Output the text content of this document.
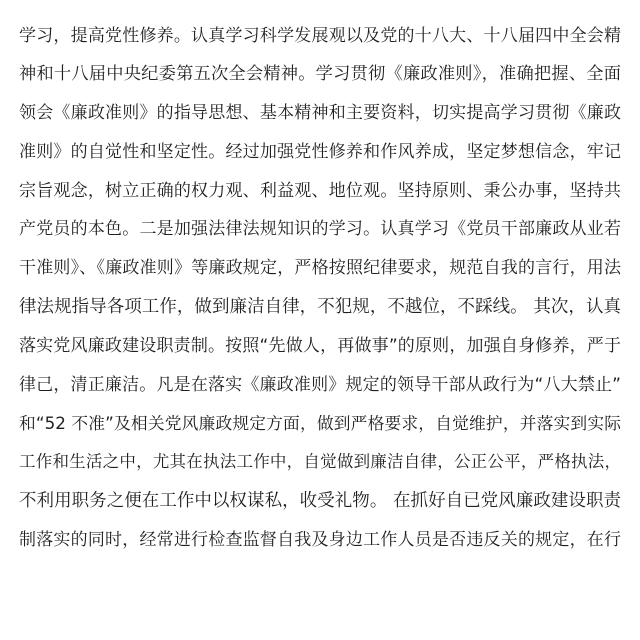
学习，提高党性修养。认真学习科学发展观以及党的十八大、十八届四中全会精
神和十八届中央纪委第五次全会精神。学习贯彻《廉政准则》，准确把握、全面
领会《廉政准则》的指导思想、基本精神和主要资料，切实提高学习贯彻《廉政
准则》的自觉性和坚定性。经过加强党性修养和作风养成，坚定梦想信念，牢记
宗旨观念，树立正确的权力观、利益观、地位观。坚持原则、秉公办事，坚持共
产党员的本色。二是加强法律法规知识的学习。认真学习《党员干部廉政从业若
干准则》、《廉政准则》等廉政规定，严格按照纪律要求，规范自我的言行，用法
律法规指导各项工作，做到廉洁自律，不犯规，不越位，不踩线。 其次，认真
落实党风廉政建设职责制。按照“先做人，再做事”的原则，加强自身修养，严于
律己，清正廉洁。凡是在落实《廉政准则》规定的领导干部从政行为“八大禁止”
和“52 不准”及相关党风廉政规定方面，做到严格要求，自觉维护，并落实到实际
工作和生活之中，尤其在执法工作中，自觉做到廉洁自律，公正公平，严格执法，
不利用职务之便在工作中以权谋私，收受礼物。 在抓好自已党风廉政建设职责
制落实的同时，经常进行检查监督自我及身边工作人员是否违反关的规定，在行
